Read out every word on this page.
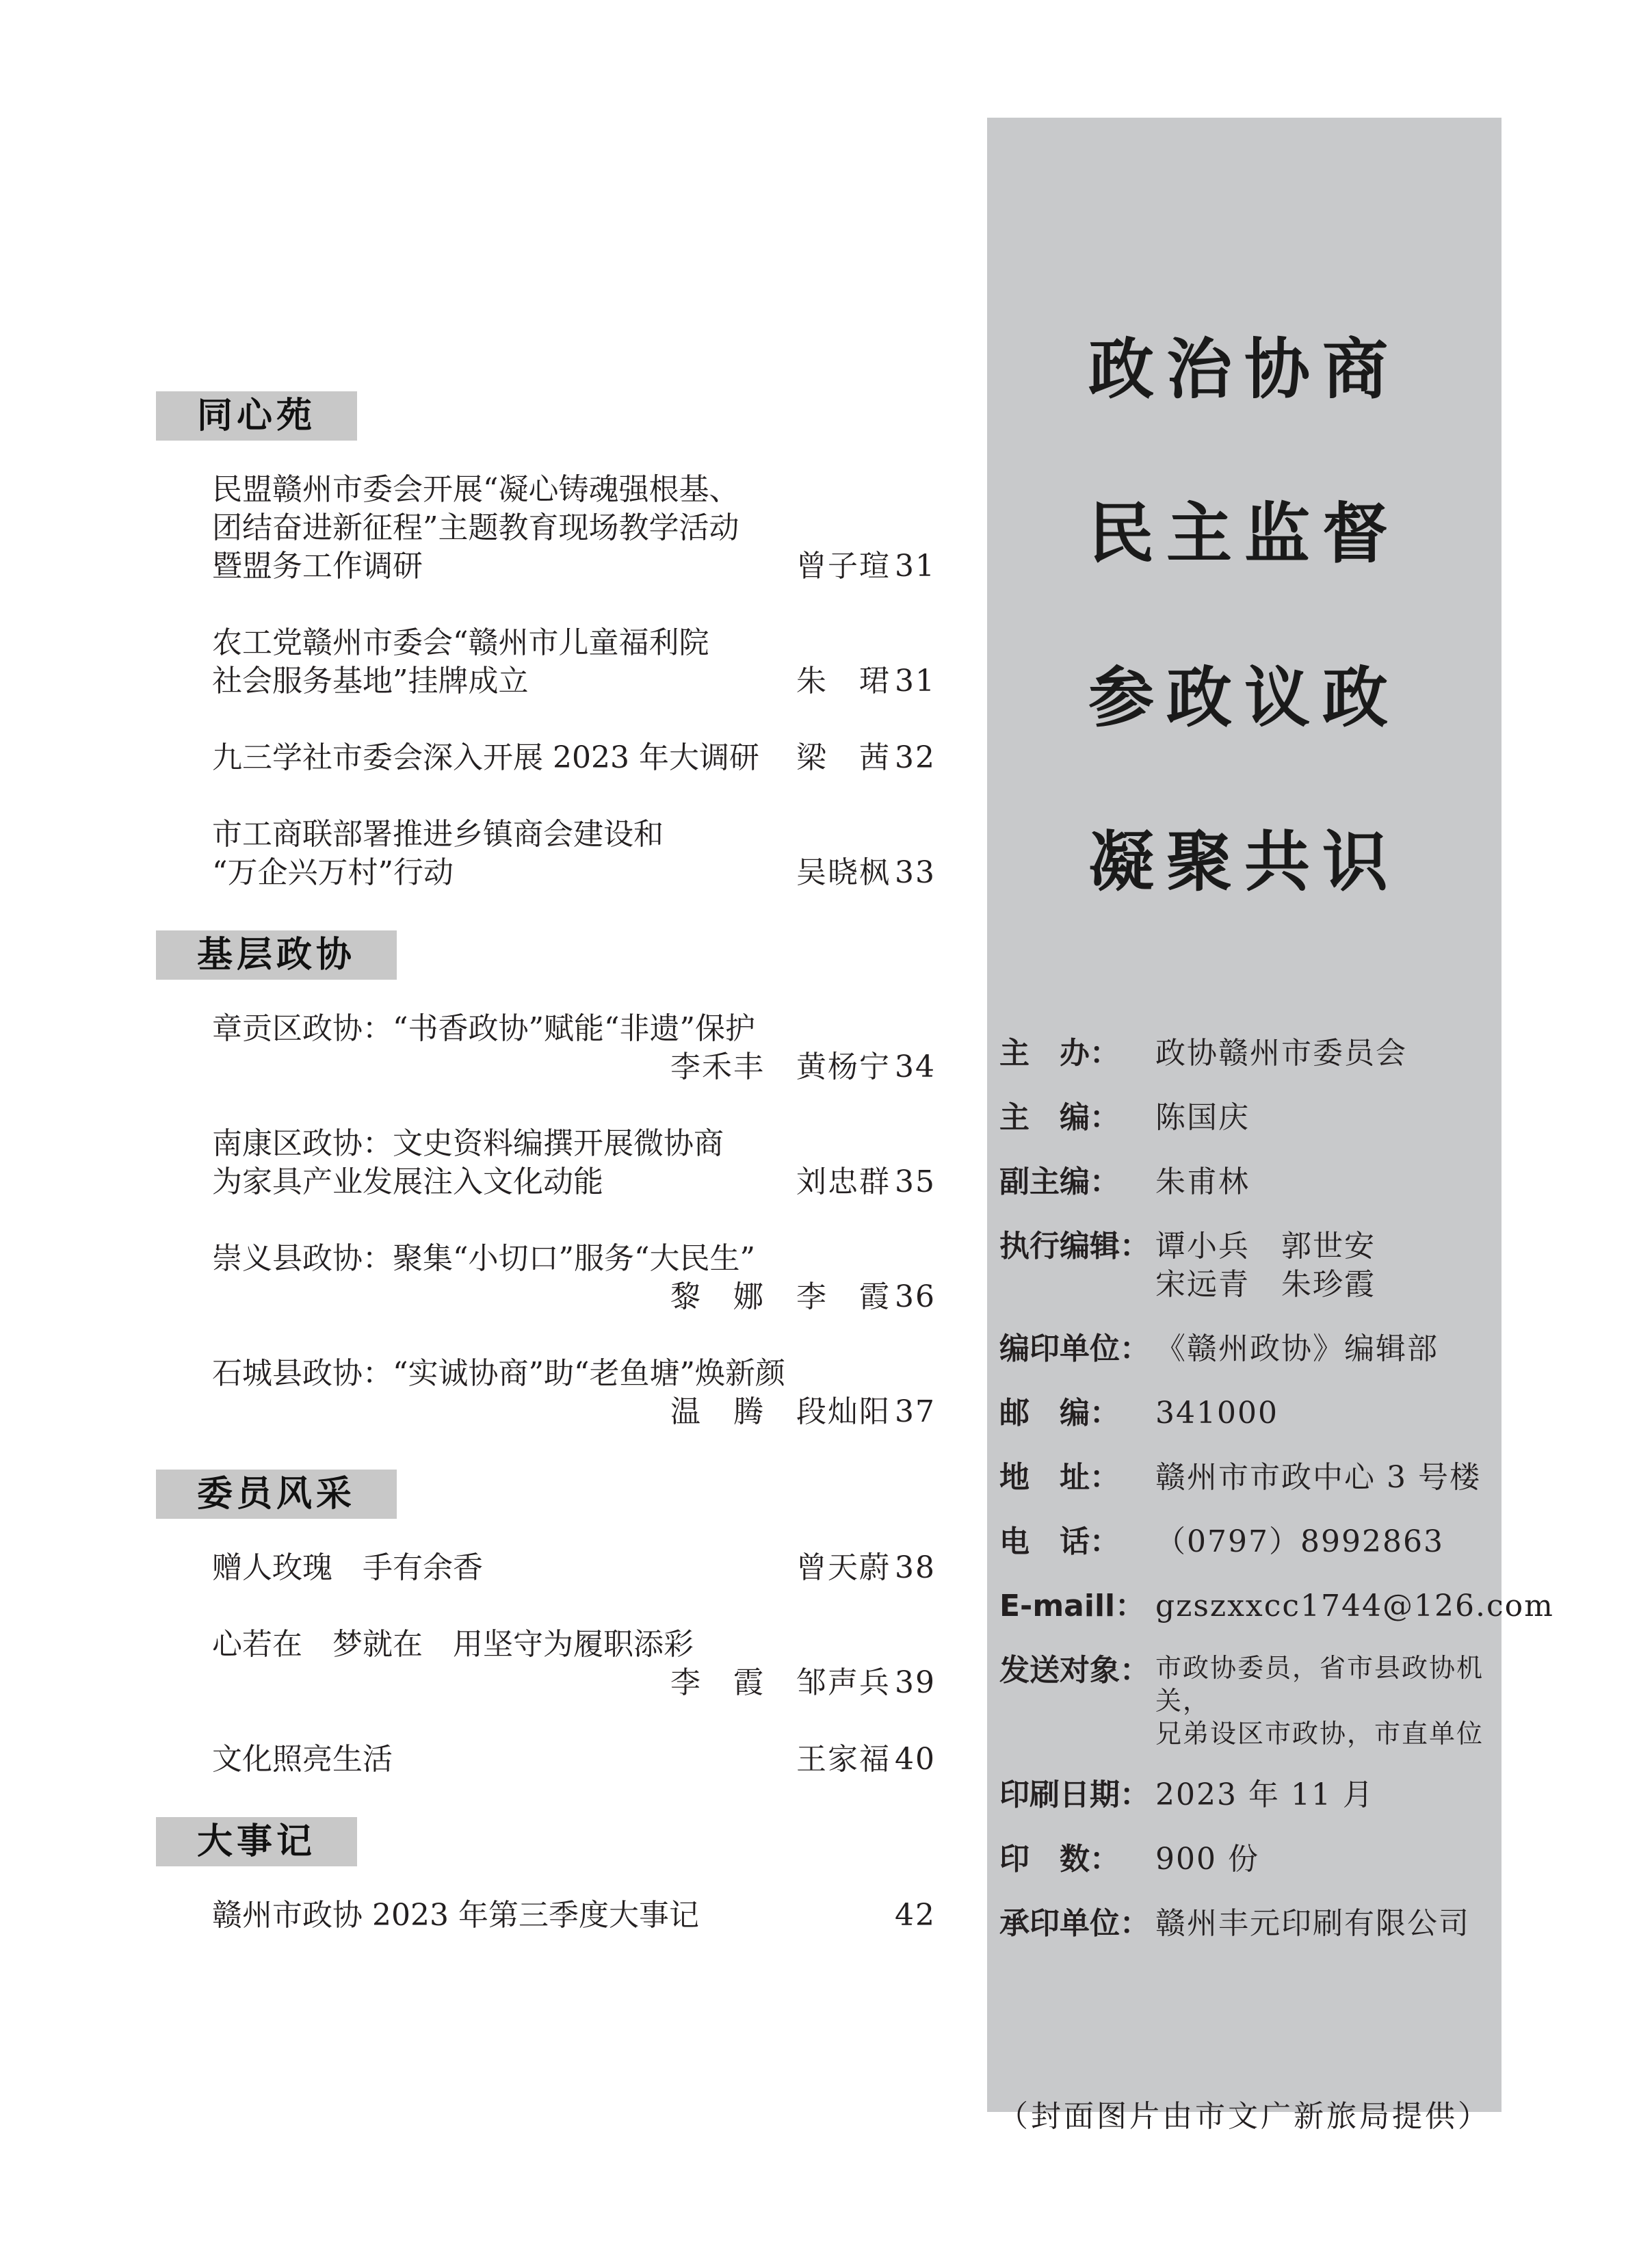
同心苑
民盟赣州市委会开展“凝心铸魂强根基、
团结奋进新征程”主题教育现场教学活动
暨盟务工作调研	曾子瑄 31
农工党赣州市委会“赣州市儿童福利院
社会服务基地”挂牌成立	朱　珺 31
九三学社市委会深入开展 2023 年大调研	梁　茜 32
市工商联部署推进乡镇商会建设和
“万企兴万村”行动	吴晓枫 33
基层政协
章贡区政协：“书香政协”赋能“非遗”保护
李禾丰　黄杨宁 34
南康区政协：文史资料编撰开展微协商
为家具产业发展注入文化动能	刘忠群 35
崇义县政协：聚集“小切口”服务“大民生”
黎　娜　李　霞 36
石城县政协：“实诚协商”助“老鱼塘”焕新颜
温　腾　段灿阳 37
委员风采
赠人玫瑰　手有余香	曾天蔚 38
心若在　梦就在　用坚守为履职添彩
李　霞　邹声兵 39
文化照亮生活	王家福 40
大事记
赣州市政协 2023 年第三季度大事记	42
政治协商
民主监督
参政议政
凝聚共识
主　办：	政协赣州市委员会
主　编：	陈国庆
副主编：	朱甫林
执行编辑： 谭小兵　郭世安
宋远青　朱珍霞
编印单位： 《赣州政协》编辑部
邮　编：	341000
地　址：	赣州市市政中心 3 号楼
电　话：	（0797）8992863
E-maill： gzszxxcc1744@126.com
发送对象： 市政协委员，省市县政协机关，
兄弟设区市政协，市直单位
印刷日期： 2023 年 11 月
印　数：	900 份
承印单位： 赣州丰元印刷有限公司
（封面图片由市文广新旅局提供）
